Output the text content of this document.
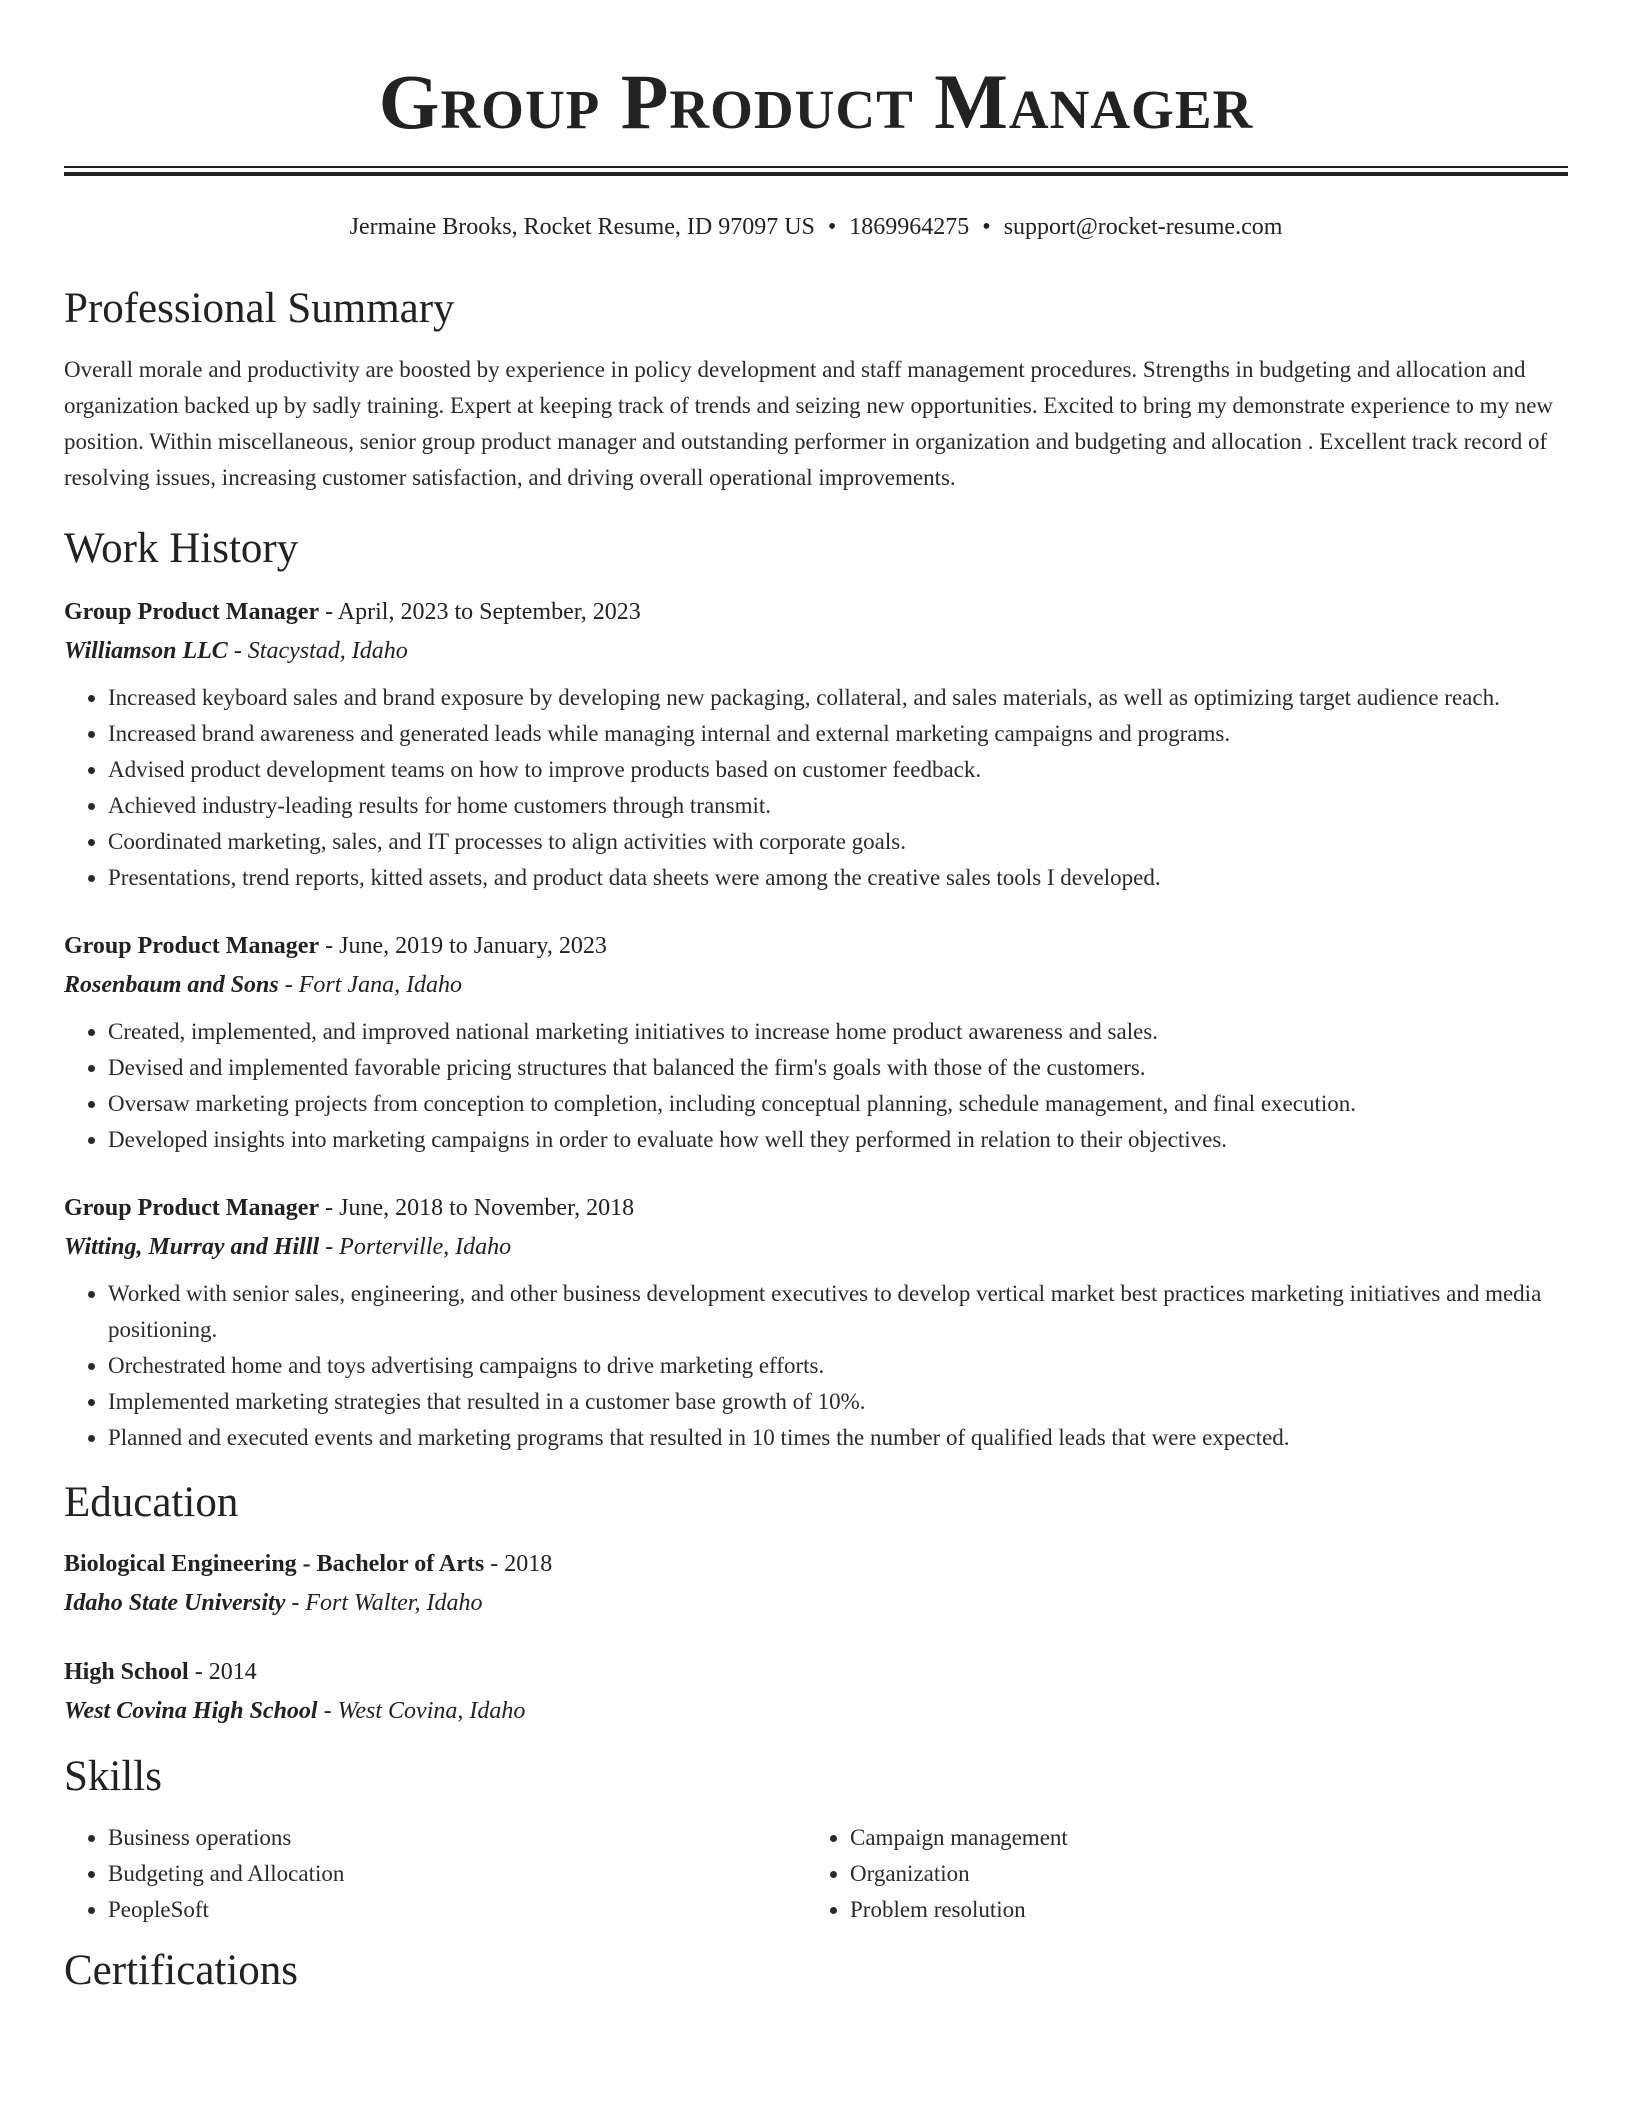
Group Product Manager
Jermaine Brooks, Rocket Resume, ID 97097 US • 1869964275 • support@rocket-resume.com
Professional Summary

Overall morale and productivity are boosted by experience in policy development and staff management procedures. Strengths in budgeting and allocation and organization backed up by sadly training. Expert at keeping track of trends and seizing new opportunities. Excited to bring my demonstrate experience to my new position. Within miscellaneous, senior group product manager and outstanding performer in organization and budgeting and allocation . Excellent track record of resolving issues, increasing customer satisfaction, and driving overall operational improvements.

Work History
Group Product Manager - April, 2023 to September, 2023
Williamson LLC - Stacystad, Idaho
• Increased keyboard sales and brand exposure by developing new packaging, collateral, and sales materials, as well as optimizing target audience reach.
• Increased brand awareness and generated leads while managing internal and external marketing campaigns and programs.
• Advised product development teams on how to improve products based on customer feedback.
• Achieved industry-leading results for home customers through transmit.
• Coordinated marketing, sales, and IT processes to align activities with corporate goals.
• Presentations, trend reports, kitted assets, and product data sheets were among the creative sales tools I developed.
Group Product Manager - June, 2019 to January, 2023
Rosenbaum and Sons - Fort Jana, Idaho
• Created, implemented, and improved national marketing initiatives to increase home product awareness and sales.
• Devised and implemented favorable pricing structures that balanced the firm's goals with those of the customers.
• Oversaw marketing projects from conception to completion, including conceptual planning, schedule management, and final execution.
• Developed insights into marketing campaigns in order to evaluate how well they performed in relation to their objectives.
Group Product Manager - June, 2018 to November, 2018
Witting, Murray and Hilll - Porterville, Idaho
• Worked with senior sales, engineering, and other business development executives to develop vertical market best practices marketing initiatives and media positioning.
• Orchestrated home and toys advertising campaigns to drive marketing efforts.
• Implemented marketing strategies that resulted in a customer base growth of 10%.
• Planned and executed events and marketing programs that resulted in 10 times the number of qualified leads that were expected.
Education
Biological Engineering - Bachelor of Arts - 2018
Idaho State University - Fort Walter, Idaho
High School - 2014
West Covina High School - West Covina, Idaho
Skills
• Business operations
• Budgeting and Allocation
• PeopleSoft
• Campaign management
• Organization
• Problem resolution
Certifications
